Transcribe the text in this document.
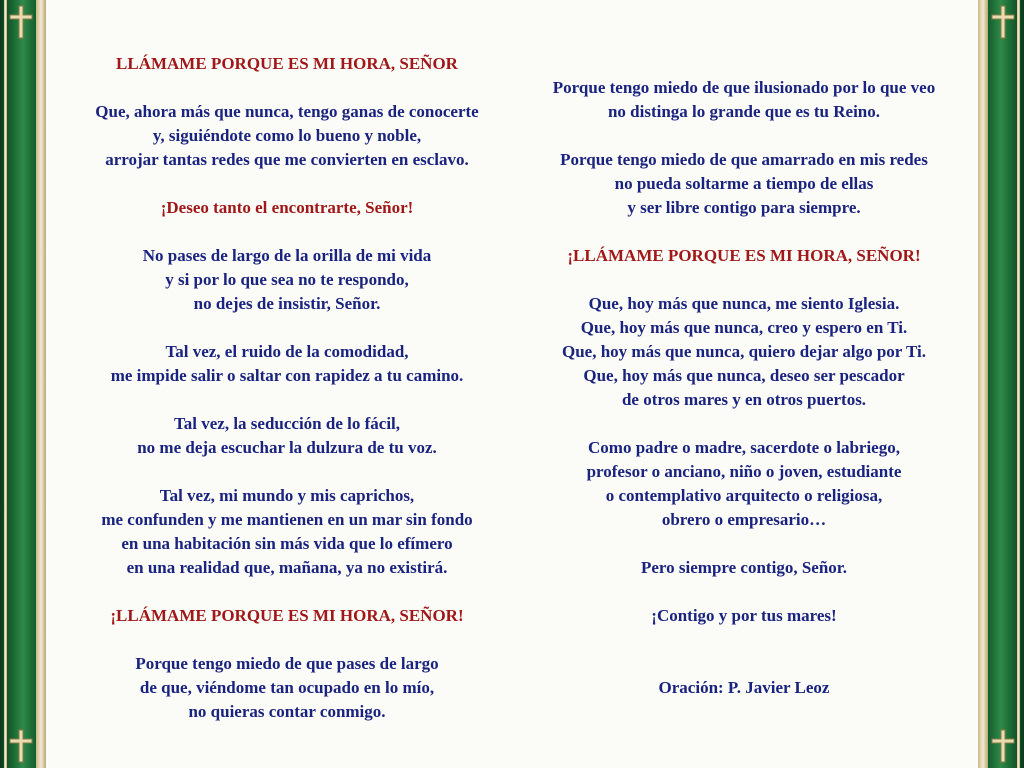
LLÁMAME PORQUE ES MI HORA, SEÑOR

Que, ahora más que nunca, tengo ganas de conocerte
y, siguiéndote como lo bueno y noble,
arrojar tantas redes que me convierten en esclavo.

¡Deseo tanto el encontrarte, Señor!

No pases de largo de la orilla de mi vida
y si por lo que sea no te respondo,
no dejes de insistir, Señor.

Tal vez, el ruido de la comodidad,
me impide salir o saltar con rapidez a tu camino.

Tal vez, la seducción de lo fácil,
no me deja escuchar la dulzura de tu voz.

Tal vez, mi mundo y mis caprichos,
me confunden y me mantienen en un mar sin fondo
en una habitación sin más vida que lo efímero
en una realidad que, mañana, ya no existirá.

¡LLÁMAME PORQUE ES MI HORA, SEÑOR!

Porque tengo miedo de que pases de largo
de que, viéndome tan ocupado en lo mío,
no quieras contar conmigo.

Porque tengo miedo de que ilusionado por lo que veo
no distinga lo grande que es tu Reino.

Porque tengo miedo de que amarrado en mis redes
no pueda soltarme a tiempo de ellas
y ser libre contigo para siempre.

¡LLÁMAME PORQUE ES MI HORA, SEÑOR!

Que, hoy más que nunca, me siento Iglesia.
Que, hoy más que nunca, creo y espero en Ti.
Que, hoy más que nunca, quiero dejar algo por Ti.
Que, hoy más que nunca, deseo ser pescador
de otros mares y en otros puertos.

Como padre o madre, sacerdote o labriego,
profesor o anciano, niño o joven, estudiante
o contemplativo arquitecto o religiosa,
obrero o empresario…

Pero siempre contigo, Señor.

¡Contigo y por tus mares!

Oración: P. Javier Leoz
